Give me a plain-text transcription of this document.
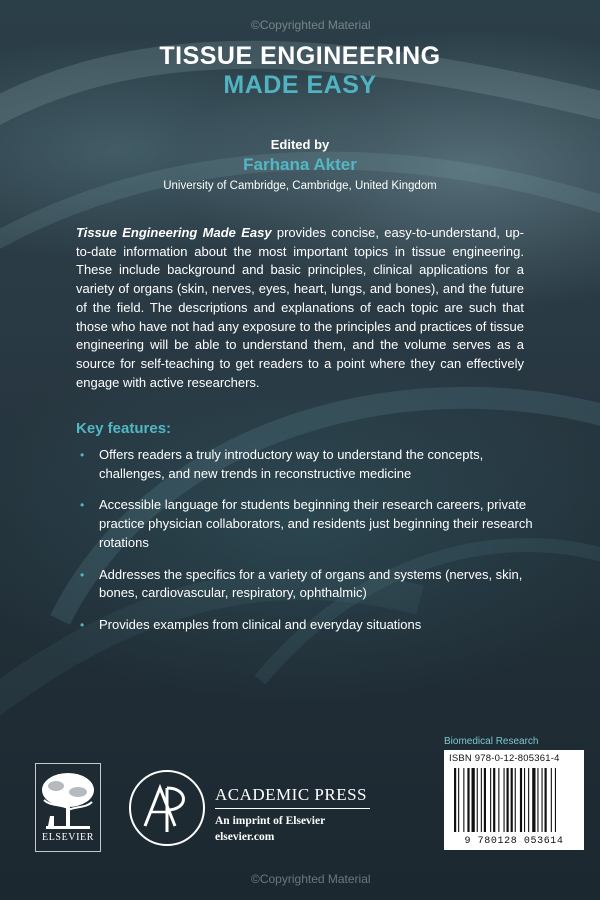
©Copyrighted Material
TISSUE ENGINEERING
MADE EASY
Edited by
Farhana Akter
University of Cambridge, Cambridge, United Kingdom
Tissue Engineering Made Easy provides concise, easy-to-understand, up-to-date information about the most important topics in tissue engineering. These include background and basic principles, clinical applications for a variety of organs (skin, nerves, eyes, heart, lungs, and bones), and the future of the field. The descriptions and explanations of each topic are such that those who have not had any exposure to the principles and practices of tissue engineering will be able to understand them, and the volume serves as a source for self-teaching to get readers to a point where they can effectively engage with active researchers.
Key features:
• Offers readers a truly introductory way to understand the concepts, challenges, and new trends in reconstructive medicine
• Accessible language for students beginning their research careers, private practice physician collaborators, and residents just beginning their research rotations
• Addresses the specifics for a variety of organs and systems (nerves, skin, bones, cardiovascular, respiratory, ophthalmic)
• Provides examples from clinical and everyday situations
Biomedical Research
ISBN 978-0-12-805361-4
9 780128 053614
ELSEVIER
ACADEMIC PRESS
An imprint of Elsevier
elsevier.com
©Copyrighted Material
